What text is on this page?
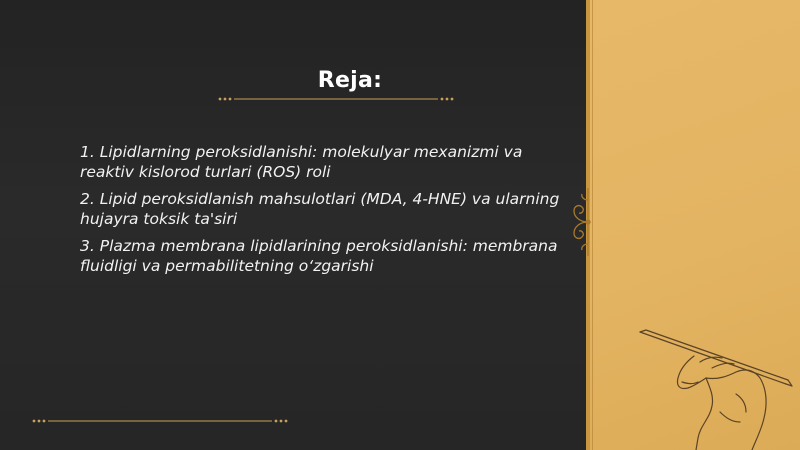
Reja:
1. Lipidlarning peroksidlanishi: molekulyar mexanizmi va reaktiv kislorod turlari (ROS) roli
2. Lipid peroksidlanish mahsulotlari (MDA, 4-HNE) va ularning hujayra toksik ta'siri
3. Plazma membrana lipidlarining peroksidlanishi: membrana fluidligi va permabilitetning o‘zgarishi
